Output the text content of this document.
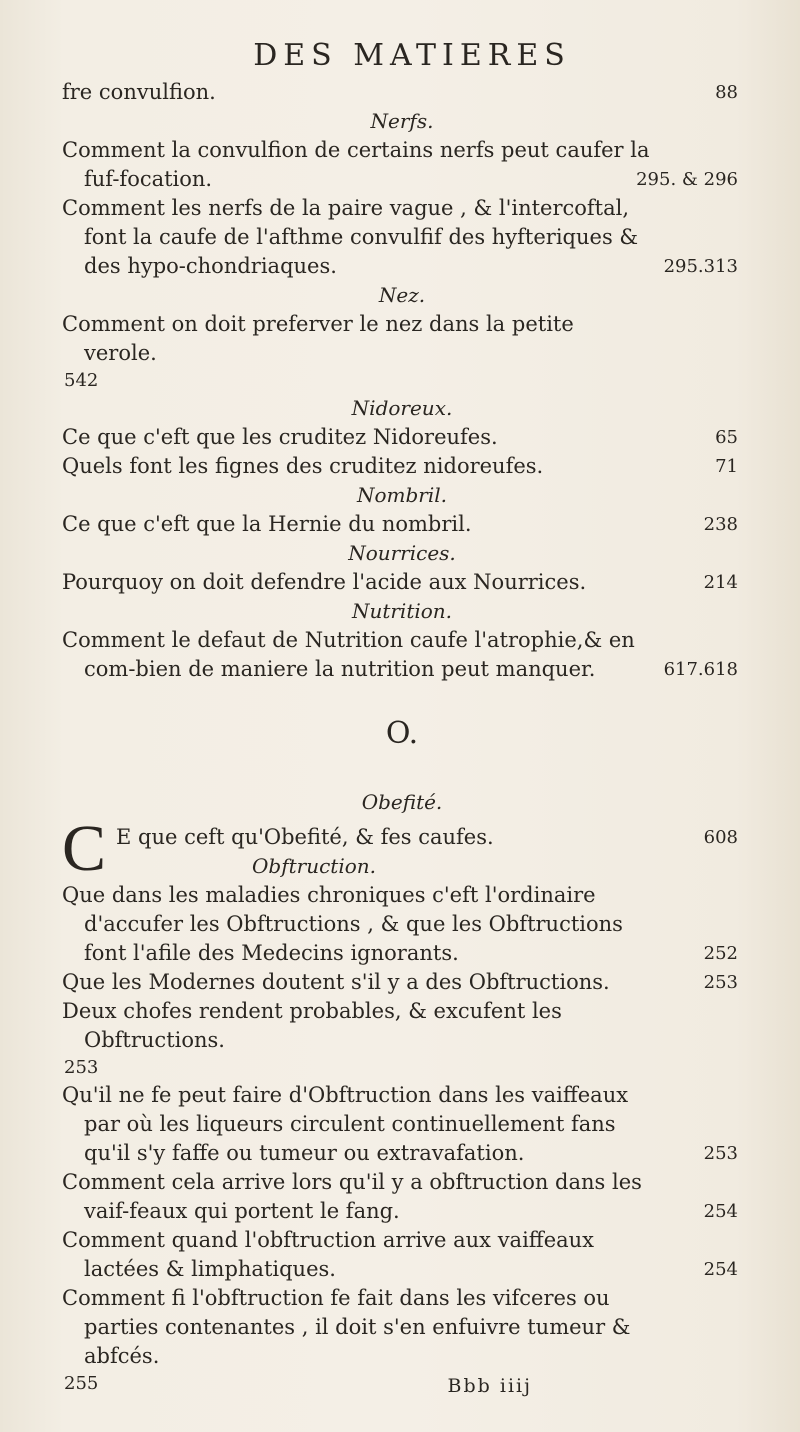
DES MATIERES
fre convulfion.	88
Nerfs.
Comment la convulfion de certains nerfs peut caufer la fuf-focation.	295. & 296
Comment les nerfs de la paire vague , & l'intercoftal, font la caufe de l'afthme convulfif des hyfteriques & des hypo-chondriaques.	295.313
Nez.
Comment on doit preferver le nez dans la petite verole.
542
Nidoreux.
Ce que c'eft que les cruditez Nidoreufes.	65
Quels font les fignes des cruditez nidoreufes.	71
Nombril.
Ce que c'eft que la Hernie du nombril.	238
Nourrices.
Pourquoy on doit defendre l'acide aux Nourrices.	214
Nutrition.
Comment le defaut de Nutrition caufe l'atrophie,& en com-bien de maniere la nutrition peut manquer.	617.618
O.
Obefité.
C E que ceft qu'Obefité, & fes caufes.	608
Obftruction.
Que dans les maladies chroniques c'eft l'ordinaire d'accufer les Obftructions , & que les Obftructions font l'afile des Medecins ignorants.	252
Que les Modernes doutent s'il y a des Obftructions.	253
Deux chofes rendent probables, & excufent les Obftructions.
253
Qu'il ne fe peut faire d'Obftruction dans les vaiffeaux par où les liqueurs circulent continuellement fans qu'il s'y faffe ou tumeur ou extravafation.	253
Comment cela arrive lors qu'il y a obftruction dans les vaif-feaux qui portent le fang.	254
Comment quand l'obftruction arrive aux vaiffeaux lactées & limphatiques.	254
Comment fi l'obftruction fe fait dans les vifceres ou parties contenantes , il doit s'en enfuivre tumeur & abfcés.
255	Bbb iiij
